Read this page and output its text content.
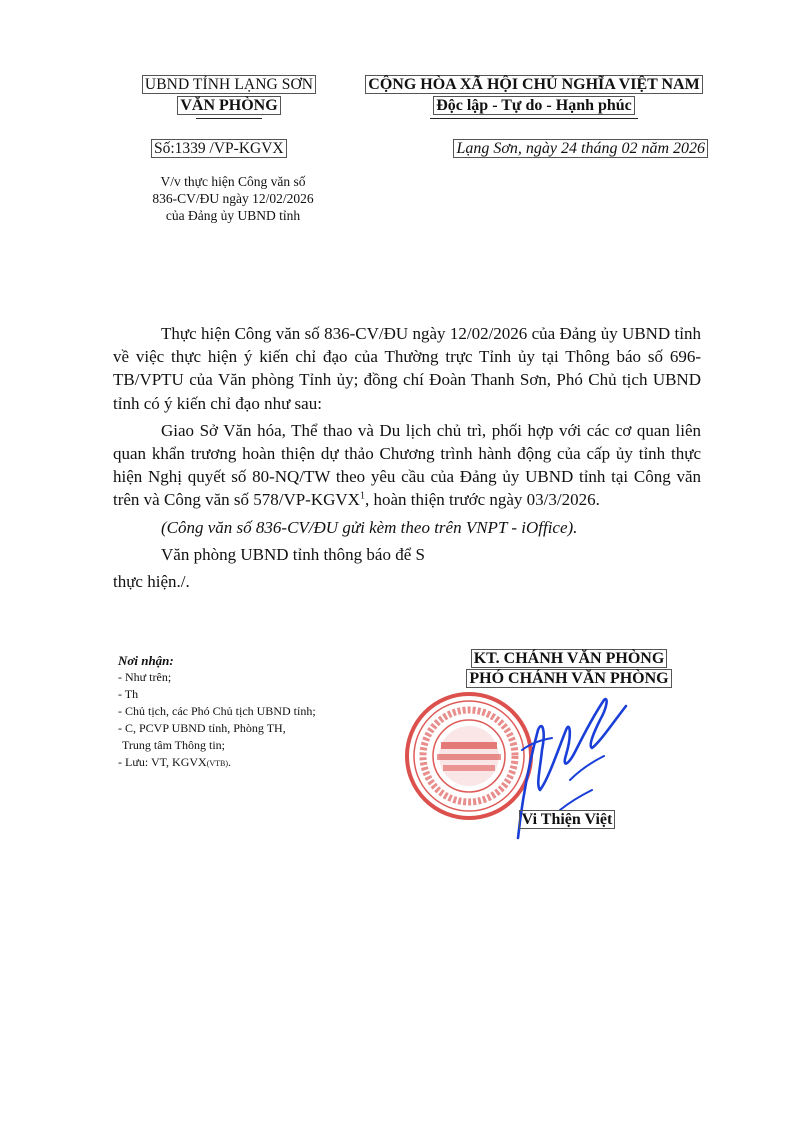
UBND TỈNH LẠNG SƠN
VĂN PHÒNG
CỘNG HÒA XÃ HỘI CHỦ NGHĨA VIỆT NAM
Độc lập - Tự do - Hạnh phúc
Số:1339 /VP-KGVX	Lạng Sơn, ngày 24 tháng 02 năm 2026
V/v thực hiện Công văn số
836-CV/ĐU ngày 12/02/2026
của Đảng ủy UBND tỉnh

Thực hiện Công văn số 836-CV/ĐU ngày 12/02/2026 của Đảng ủy UBND tỉnh về việc thực hiện ý kiến chỉ đạo của Thường trực Tỉnh ủy tại Thông báo số 696-TB/VPTU của Văn phòng Tỉnh ủy; đồng chí Đoàn Thanh Sơn, Phó Chủ tịch UBND tỉnh có ý kiến chỉ đạo như sau:

Giao Sở Văn hóa, Thể thao và Du lịch chủ trì, phối hợp với các cơ quan liên quan khẩn trương hoàn thiện dự thảo Chương trình hành động của cấp ủy tỉnh thực hiện Nghị quyết số 80-NQ/TW theo yêu cầu của Đảng ủy UBND tỉnh tại Công văn trên và Công văn số 578/VP-KGVX$^1$, hoàn thiện trước ngày 03/3/2026.

(Công văn số 836-CV/ĐU gửi kèm theo trên VNPT - iOffice).

Văn phòng UBND tỉnh thông báo để S

thực hiện./.
Nơi nhận:
- Như trên;
- Th
- Chủ tịch, các Phó Chủ tịch UBND tỉnh;
- C, PCVP UBND tỉnh, Phòng TH,
Trung tâm Thông tin;
- Lưu: VT, KGVX(VTB).
KT. CHÁNH VĂN PHÒNG
PHÓ CHÁNH VĂN PHÒNG
Vi Thiện Việt
